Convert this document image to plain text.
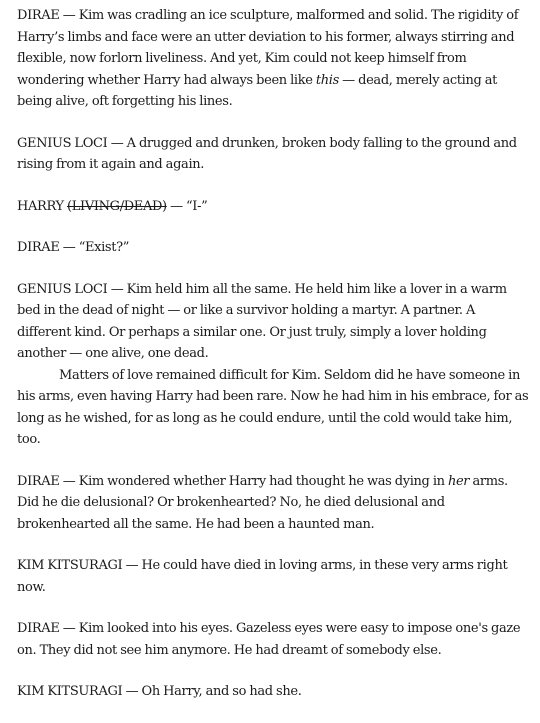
DIRAE — Kim was cradling an ice sculpture, malformed and solid. The rigidity of Harry’s limbs and face were an utter deviation to his former, always stirring and flexible, now forlorn liveliness. And yet, Kim could not keep himself from wondering whether Harry had always been like this — dead, merely acting at being alive, oft forgetting his lines.

GENIUS LOCI — A drugged and drunken, broken body falling to the ground and rising from it again and again.

HARRY (LIVING/DEAD) — “I-”

DIRAE — “Exist?”

GENIUS LOCI — Kim held him all the same. He held him like a lover in a warm bed in the dead of night — or like a survivor holding a martyr. A partner. A different kind. Or perhaps a similar one. Or just truly, simply a lover holding another — one alive, one dead.

Matters of love remained difficult for Kim. Seldom did he have someone in his arms, even having Harry had been rare. Now he had him in his embrace, for as long as he wished, for as long as he could endure, until the cold would take him, too.

DIRAE — Kim wondered whether Harry had thought he was dying in her arms. Did he die delusional? Or brokenhearted? No, he died delusional and brokenhearted all the same. He had been a haunted man.

KIM KITSURAGI — He could have died in loving arms, in these very arms right now.

DIRAE — Kim looked into his eyes. Gazeless eyes were easy to impose one's gaze on. They did not see him anymore. He had dreamt of somebody else.

KIM KITSURAGI — Oh Harry, and so had she.
